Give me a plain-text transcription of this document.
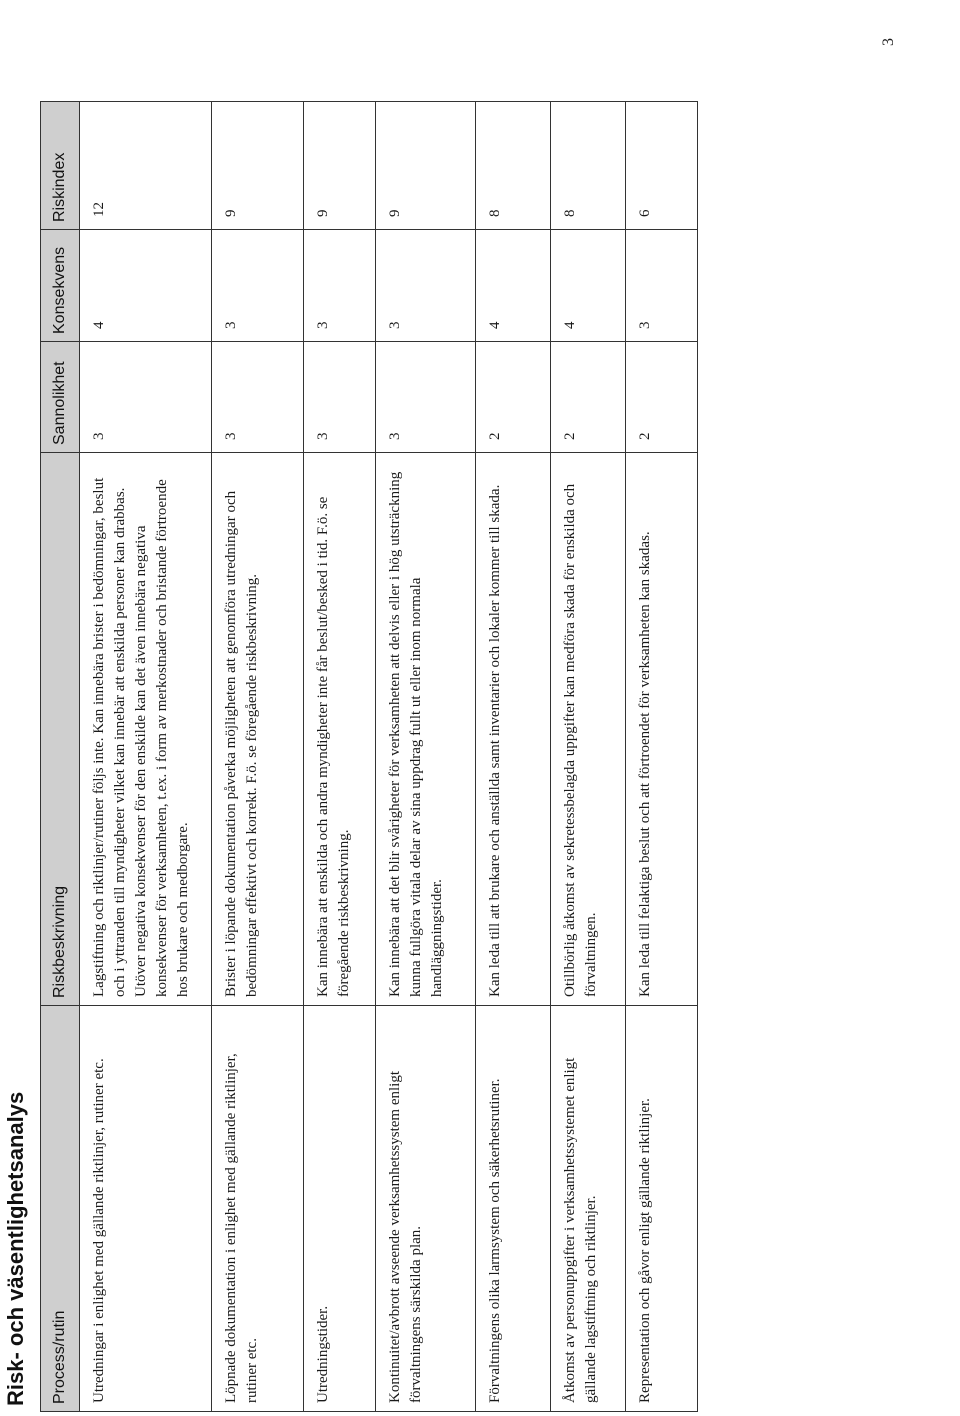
Risk- och väsentlighetsanalys Process/rutin	Riskbeskrivning	Sannolikhet	Konsekvens	Riskindex
Utredningar i enlighet med gällande riktlinjer, rutiner etc.	Lagstiftning och riktlinjer/rutiner följs inte. Kan innebära brister i bedömningar, beslut och i yttranden till myndigheter vilket kan innebär att enskilda personer kan drabbas. Utöver negativa konsekvenser för den enskilde kan det även innebära negativa konsekvenser för verksamheten, t.ex. i form av merkostnader och bristande förtroende hos brukare och medborgare.	3	4	12
Löpnade dokumentation i enlighet med gällande riktlinjer, rutiner etc.	Brister i löpande dokumentation påverka möjligheten att genomföra utredningar och bedömningar effektivt och korrekt. F.ö. se föregående riskbeskrivning.	3	3	9
Utredningstider.	Kan innebära att enskilda och andra myndigheter inte får beslut/besked i tid. F.ö. se föregående riskbeskrivning.	3	3	9
Kontinuitet/avbrott avseende verksamhetssystem enligt förvaltningens särskilda plan.	Kan innebära att det blir svårigheter för verksamheten att delvis eller i hög utsträckning kunna fullgöra vitala delar av sina uppdrag fullt ut eller inom normala handläggningstider.	3	3	9
Förvaltningens olika larmsystem och säkerhetsrutiner.	Kan leda till att brukare och anställda samt inventarier och lokaler kommer till skada.	2	4	8
Åtkomst av personuppgifter i verksamhetssystemet enligt gällande lagstiftning och riktlinjer.	Otillbörlig åtkomst av sekretessbelagda uppgifter kan medföra skada för enskilda och förvaltningen.	2	4	8
Representation och gåvor enligt gällande riktlinjer.	Kan leda till felaktiga beslut och att förtroendet för verksamheten kan skadas.	2	3	6
3
